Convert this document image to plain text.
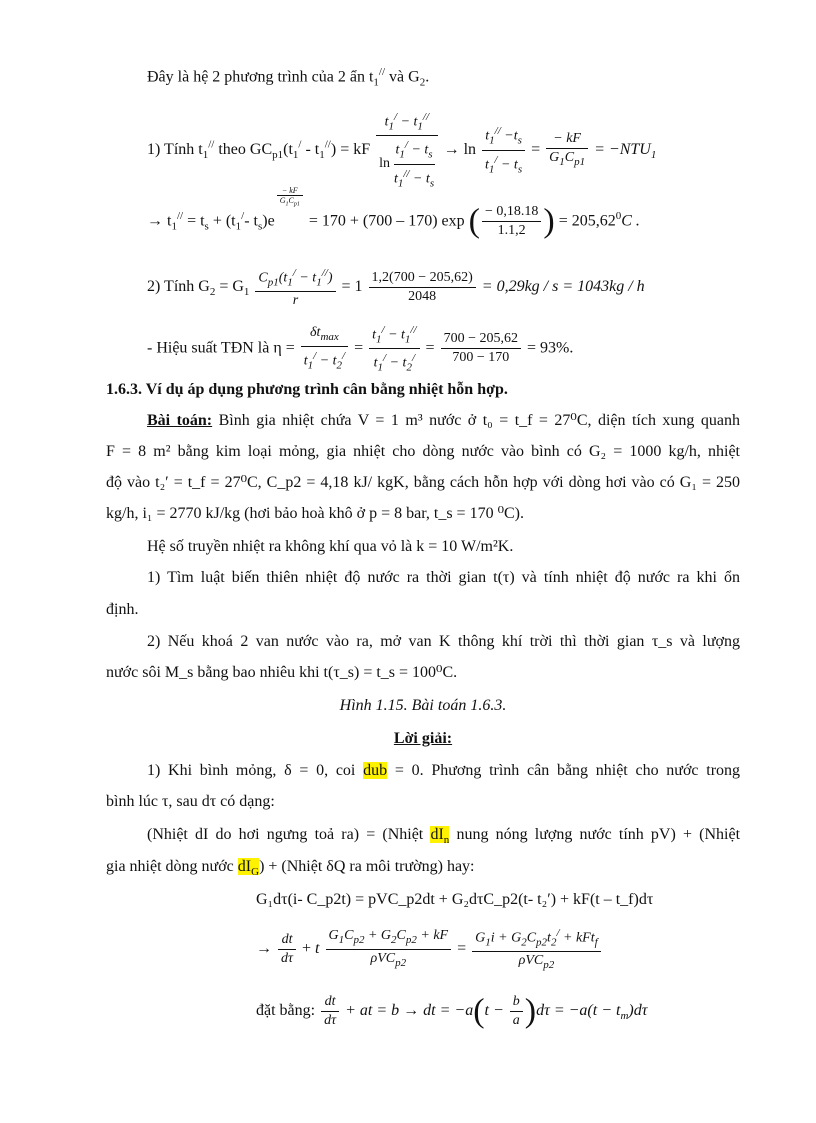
Đây là hệ 2 phương trình của 2 ẩn $t_1^{//}$ và $G_2$.
1) Tính $t_1^{//}$ theo $GC_{p1}(t_1^/ - t_1^{//})$ = kF $\frac{t_1^/ - t_1^{//}}{\ln \frac{t_1^/ - t_s}{t_1^{//} - t_s}} \to \ln \frac{t_1^{//} -t_s}{t_1^/ - t_s} = \frac{- kF}{G_1C_{p1}} = -NTU_1$
→ $t_1^{//} = t_s + (t_1^/-$ $t_s)e$
$\frac{- kF}{G_1C_{p1}}$
= 170 + (700 – 170) exp ( $\frac{- 0,18.18}{1.1,2}$ ) = $205,62^0C$ .
2) Tính $G_2 = G_1 \frac{C_{p1}(t_1^/ - t_1^{//})}{r} = 1 \frac{1,2(700 - 205,62)}{2048} = 0,29kg / s = 1043kg / h$
- Hiệu suất TĐN là $\eta = \frac{\delta t_{max}}{t_1^/ - t_2^/} = \frac{t_1^/ - t_1^{//}}{t_1^/ - t_2^/} = \frac{700 - 205,62}{700 - 170} = 93\%$.
1.6.3. Ví dụ áp dụng phương trình cân bằng nhiệt hỗn hợp.
Bài toán: Bình gia nhiệt chứa V = 1 m³ nước ở t₀ = t_f = 27⁰C, diện tích xung quanh
F = 8 m² bằng kim loại mỏng, gia nhiệt cho dòng nước vào bình có G₂ = 1000 kg/h, nhiệt
độ vào t₂′ = t_f = 27⁰C, C_p2 = 4,18 kJ/ kgK, bằng cách hỗn hợp với dòng hơi vào có G₁ = 250
kg/h, i₁ = 2770 kJ/kg (hơi bảo hoà khô ở p = 8 bar, t_s = 170 ⁰C).
Hệ số truyền nhiệt ra không khí qua vỏ là k = 10 W/m²K.
1) Tìm luật biến thiên nhiệt độ nước ra thời gian t(τ) và tính nhiệt độ nước ra khi ổn
định.
2) Nếu khoá 2 van nước vào ra, mở van K thông khí trời thì thời gian τ_s và lượng
nước sôi M_s bằng bao nhiêu khi t(τ_s) = t_s = 100⁰C.
Hình 1.15. Bài toán 1.6.3.
Lời giải:
1) Khi bình mỏng, δ = 0, coi dub = 0. Phương trình cân bằng nhiệt cho nước trong
bình lúc τ, sau dτ có dạng:
(Nhiệt dI do hơi ngưng toả ra) = (Nhiệt $dI_n$ nung nóng lượng nước tính pV) + (Nhiệt
gia nhiệt dòng nước $dI_G$) + (Nhiệt δQ ra môi trường) hay:
G₁dτ(i- C_p2t) = pVC_p2dt + G₂dτC_p2(t- t₂′) + kF(t – t_f)dτ
→ $\frac{dt}{d\tau} + t \frac{G_1C_{p2} + G_2C_{p2} + kF}{\rho VC_{p2}} = \frac{G_1i + G_2C_{p2}t_2^/ + kFt_f}{\rho VC_{p2}}$
đặt bằng: $\frac{dt}{d\tau}$ + at = b → dt = $-a(t - \frac{b}{a} )d\tau = -a(t - t_m)d\tau$
